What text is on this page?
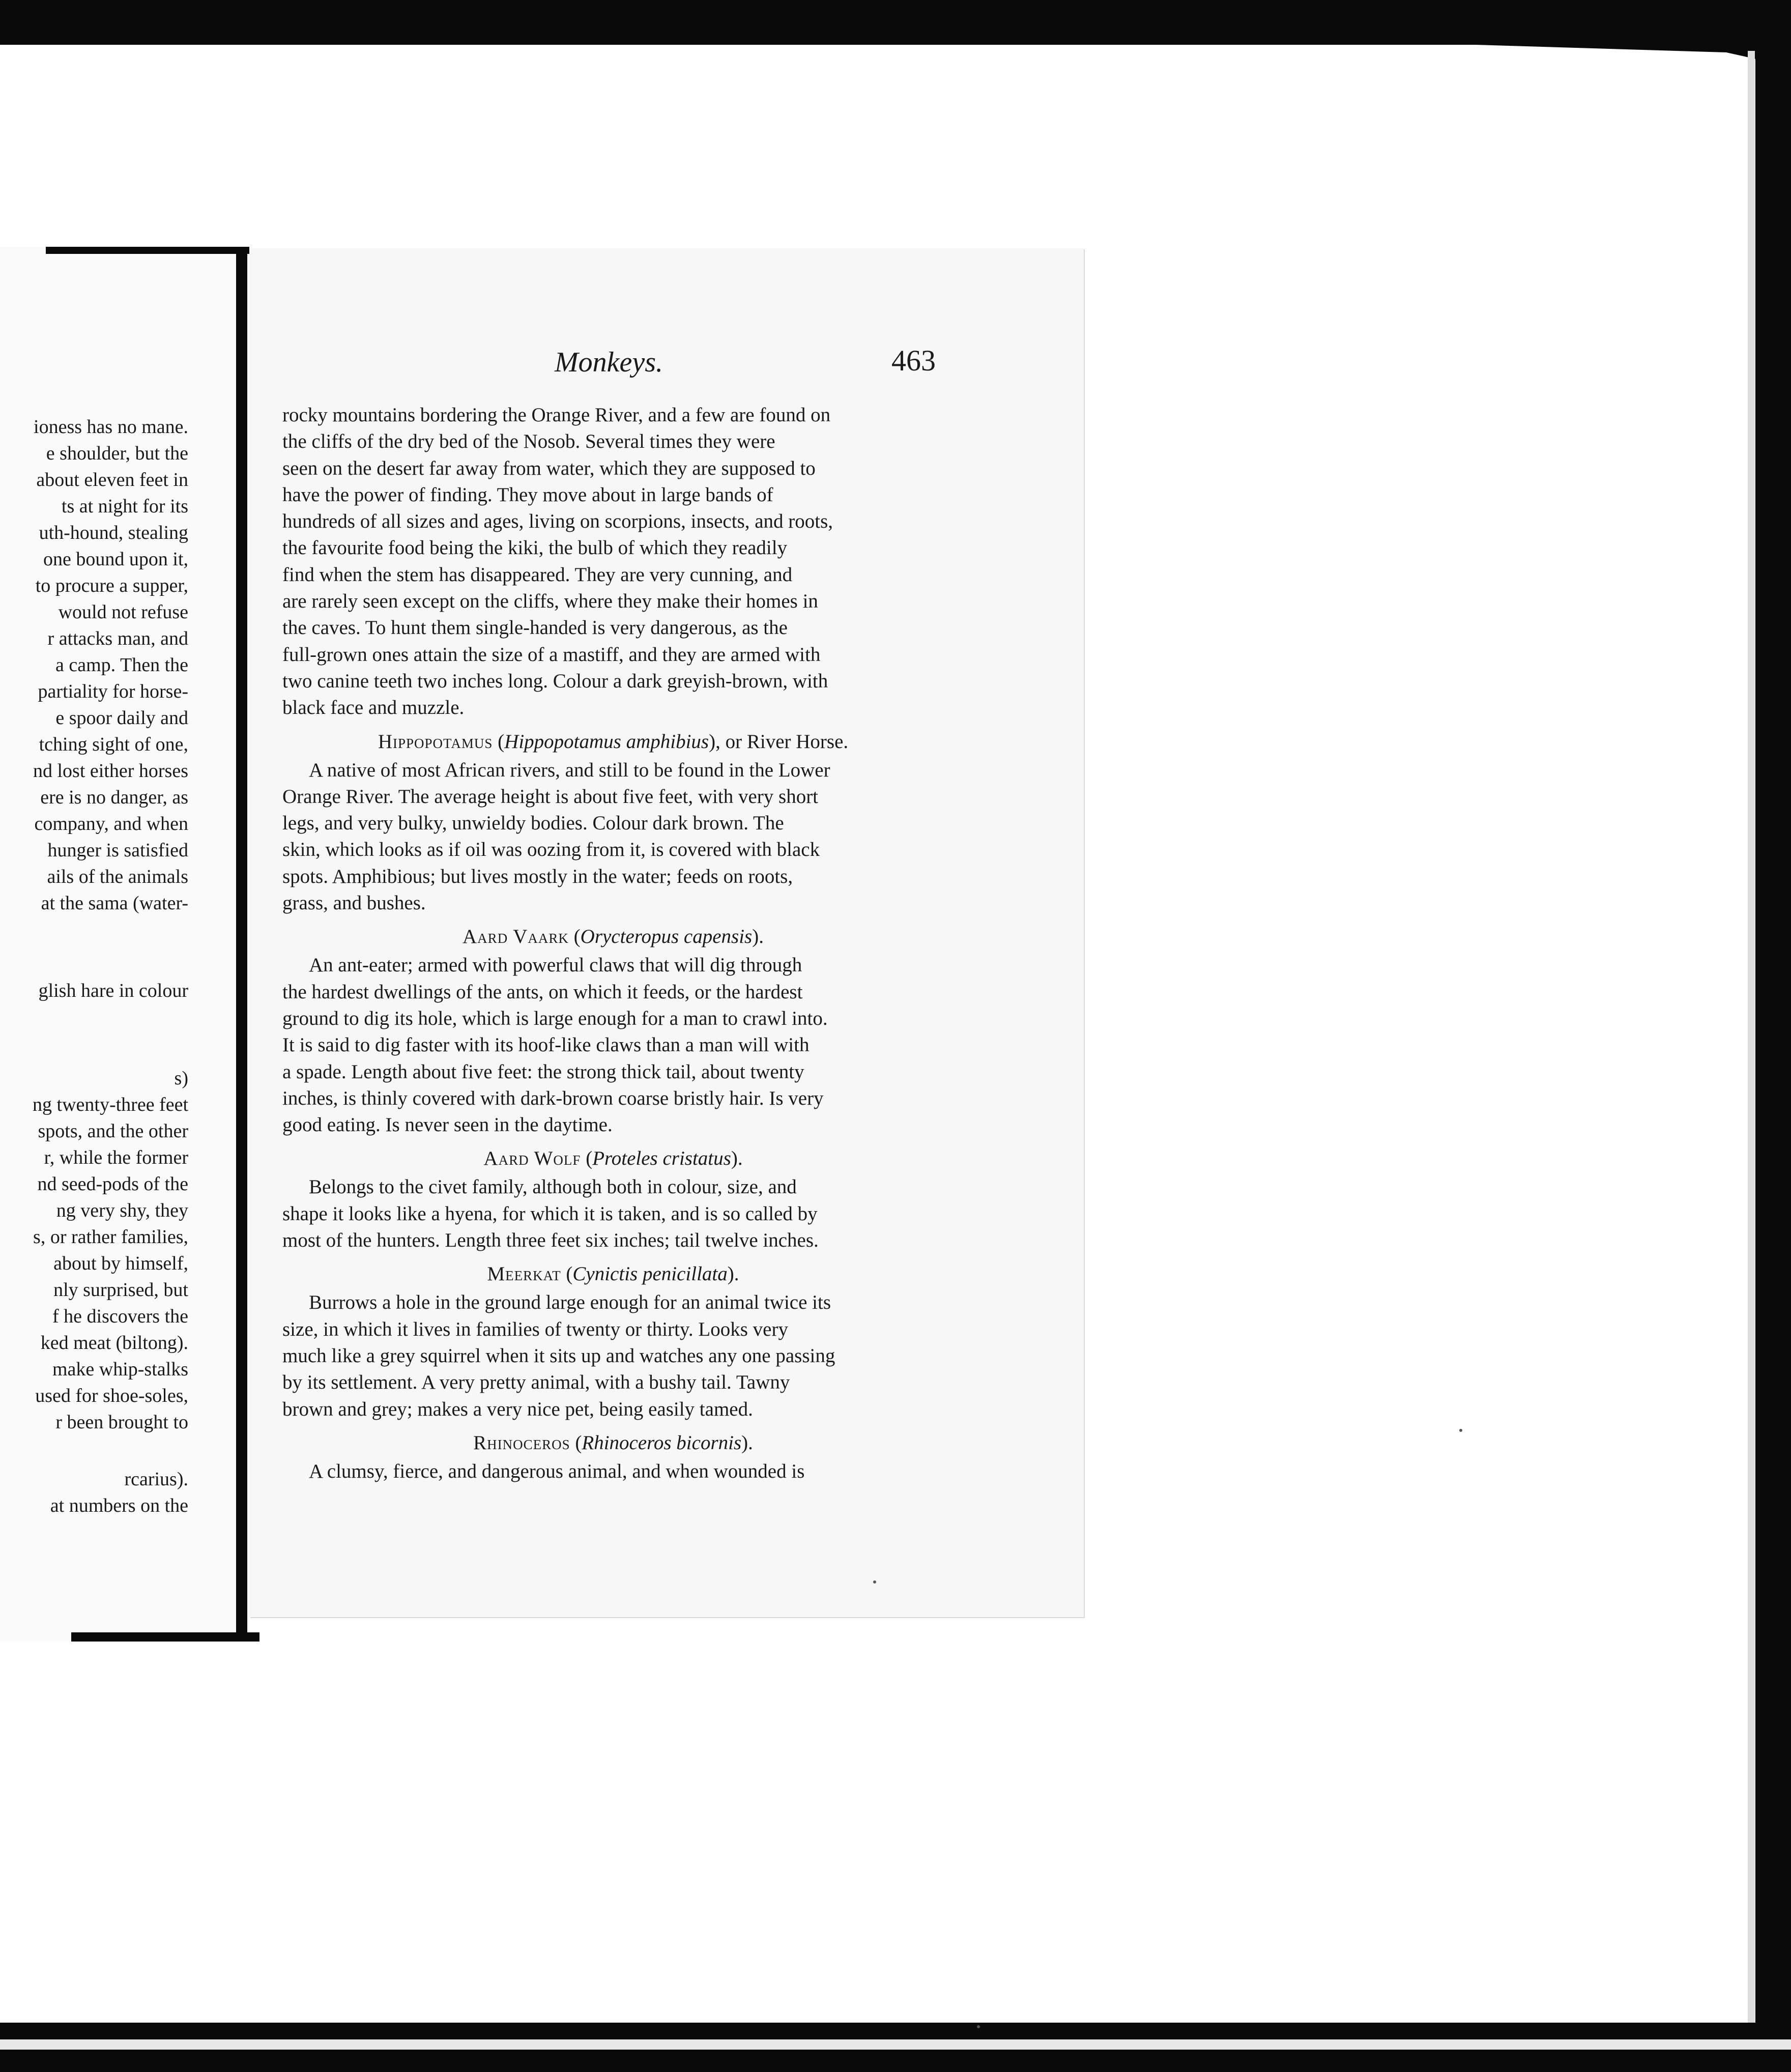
ioness has no mane.
e shoulder, but the
about eleven feet in
ts at night for its
uth-hound, stealing
one bound upon it,
to procure a supper,
would not refuse
r attacks man, and
a camp. Then the
partiality for horse-
e spoor daily and
tching sight of one,
nd lost either horses
ere is no danger, as
company, and when
hunger is satisfied
ails of the animals
at the sama (water-
glish hare in colour
s)
ng twenty-three feet
spots, and the other
r, while the former
nd seed-pods of the
ng very shy, they
s, or rather families,
about by himself,
nly surprised, but
f he discovers the
ked meat (biltong).
make whip-stalks
used for shoe-soles,
r been brought to
rcarius).
at numbers on the
Monkeys.	463
rocky mountains bordering the Orange River, and a few are found on
the cliffs of the dry bed of the Nosob. Several times they were
seen on the desert far away from water, which they are supposed to
have the power of finding. They move about in large bands of
hundreds of all sizes and ages, living on scorpions, insects, and roots,
the favourite food being the kiki, the bulb of which they readily
find when the stem has disappeared. They are very cunning, and
are rarely seen except on the cliffs, where they make their homes in
the caves. To hunt them single-handed is very dangerous, as the
full-grown ones attain the size of a mastiff, and they are armed with
two canine teeth two inches long. Colour a dark greyish-brown, with
black face and muzzle.
Hippopotamus (Hippopotamus amphibius), or River Horse.
A native of most African rivers, and still to be found in the Lower
Orange River. The average height is about five feet, with very short
legs, and very bulky, unwieldy bodies. Colour dark brown. The
skin, which looks as if oil was oozing from it, is covered with black
spots. Amphibious; but lives mostly in the water; feeds on roots,
grass, and bushes.
Aard Vaark (Orycteropus capensis).
An ant-eater; armed with powerful claws that will dig through
the hardest dwellings of the ants, on which it feeds, or the hardest
ground to dig its hole, which is large enough for a man to crawl into.
It is said to dig faster with its hoof-like claws than a man will with
a spade. Length about five feet: the strong thick tail, about twenty
inches, is thinly covered with dark-brown coarse bristly hair. Is very
good eating. Is never seen in the daytime.
Aard Wolf (Proteles cristatus).
Belongs to the civet family, although both in colour, size, and
shape it looks like a hyena, for which it is taken, and is so called by
most of the hunters. Length three feet six inches; tail twelve inches.
Meerkat (Cynictis penicillata).
Burrows a hole in the ground large enough for an animal twice its
size, in which it lives in families of twenty or thirty. Looks very
much like a grey squirrel when it sits up and watches any one passing
by its settlement. A very pretty animal, with a bushy tail. Tawny
brown and grey; makes a very nice pet, being easily tamed.
Rhinoceros (Rhinoceros bicornis).
A clumsy, fierce, and dangerous animal, and when wounded is
